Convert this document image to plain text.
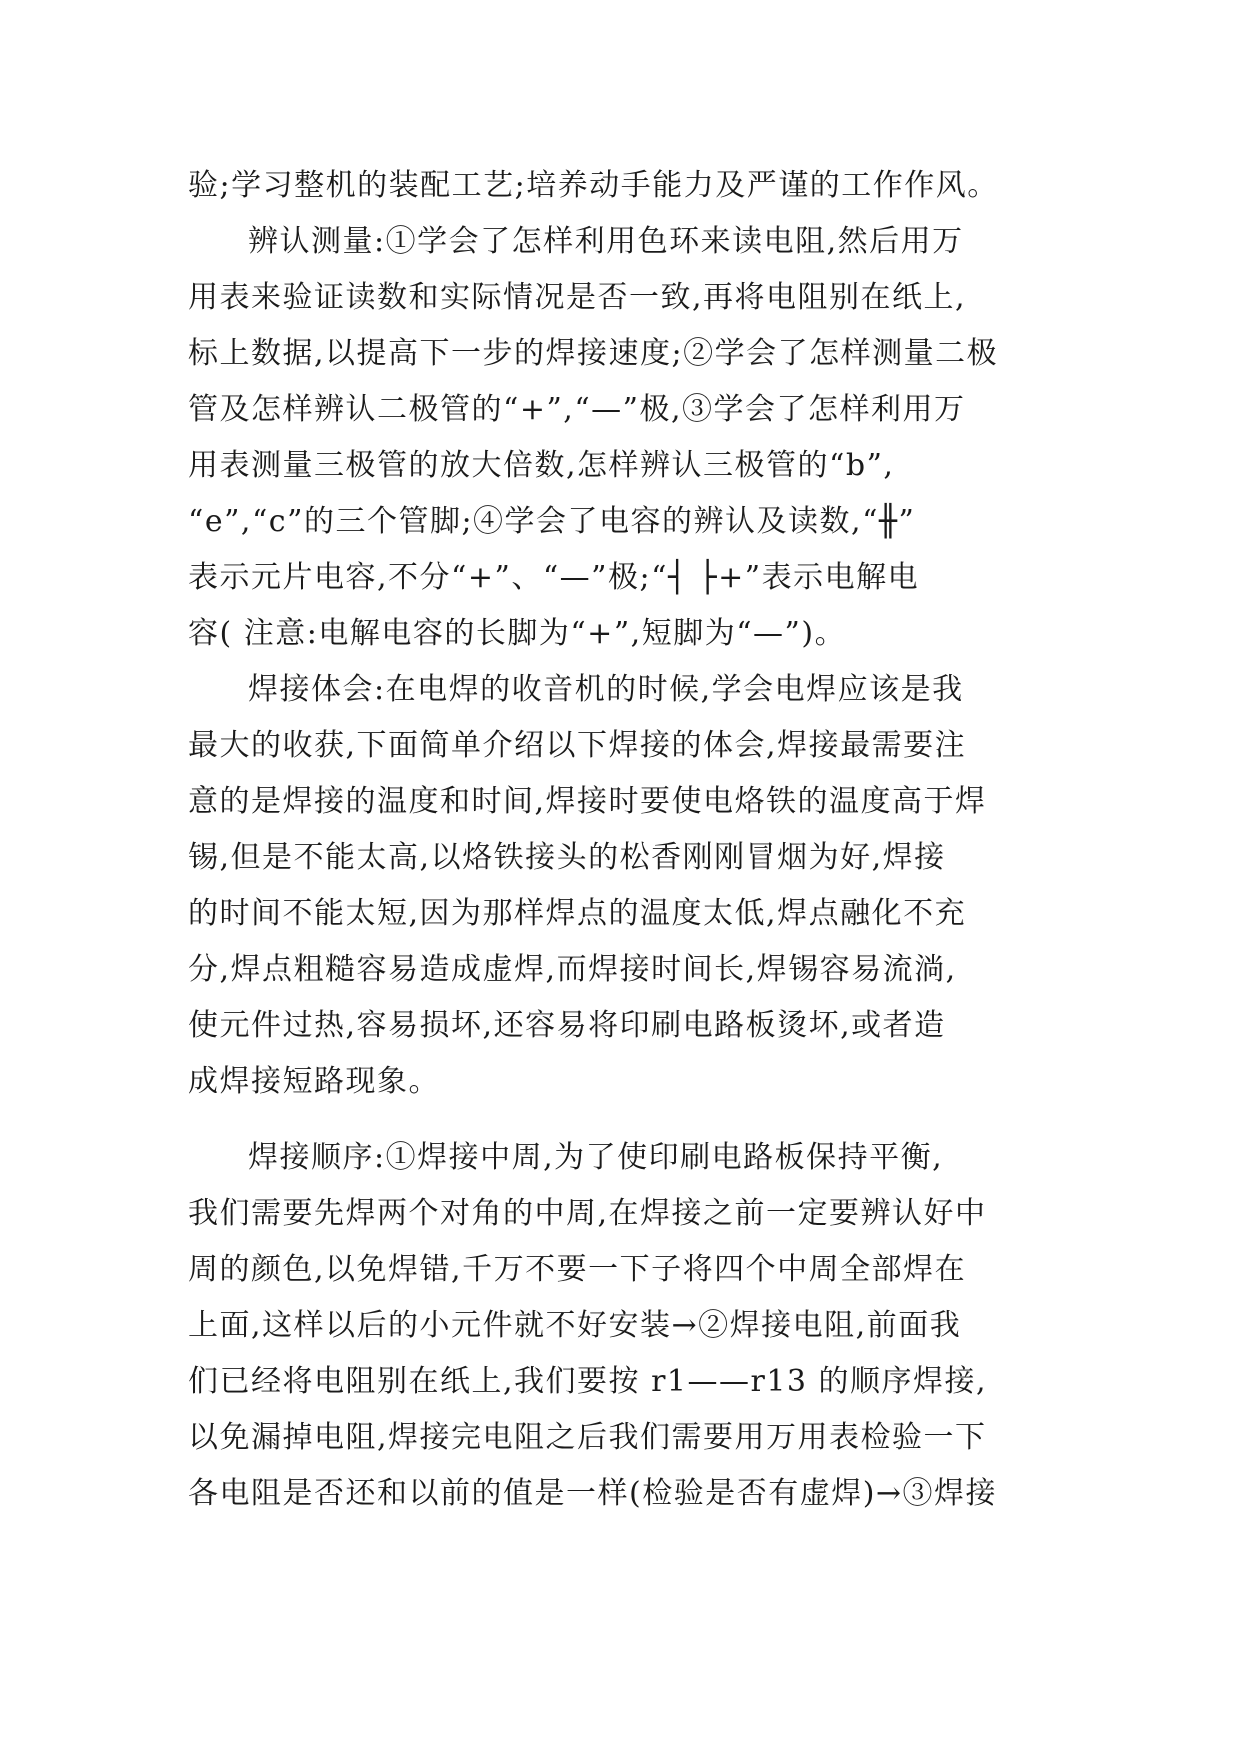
验;学习整机的装配工艺;培养动手能力及严谨的工作作风。
辨认测量:①学会了怎样利用色环来读电阻,然后用万
用表来验证读数和实际情况是否一致,再将电阻别在纸上,
标上数据,以提高下一步的焊接速度;②学会了怎样测量二极
管及怎样辨认二极管的“+”,“—”极,③学会了怎样利用万
用表测量三极管的放大倍数,怎样辨认三极管的“b”,
“e”,“c”的三个管脚;④学会了电容的辨认及读数,“╫”
表示元片电容,不分“+”、“—”极;“┤ ├+”表示电解电
容( 注意:电解电容的长脚为“+”,短脚为“—”)。
焊接体会:在电焊的收音机的时候,学会电焊应该是我
最大的收获,下面简单介绍以下焊接的体会,焊接最需要注
意的是焊接的温度和时间,焊接时要使电烙铁的温度高于焊
锡,但是不能太高,以烙铁接头的松香刚刚冒烟为好,焊接
的时间不能太短,因为那样焊点的温度太低,焊点融化不充
分,焊点粗糙容易造成虚焊,而焊接时间长,焊锡容易流淌,
使元件过热,容易损坏,还容易将印刷电路板烫坏,或者造
成焊接短路现象。
焊接顺序:①焊接中周,为了使印刷电路板保持平衡,
我们需要先焊两个对角的中周,在焊接之前一定要辨认好中
周的颜色,以免焊错,千万不要一下子将四个中周全部焊在
上面,这样以后的小元件就不好安装→②焊接电阻,前面我
们已经将电阻别在纸上,我们要按 r1——r13 的顺序焊接,
以免漏掉电阻,焊接完电阻之后我们需要用万用表检验一下
各电阻是否还和以前的值是一样(检验是否有虚焊)→③焊接
